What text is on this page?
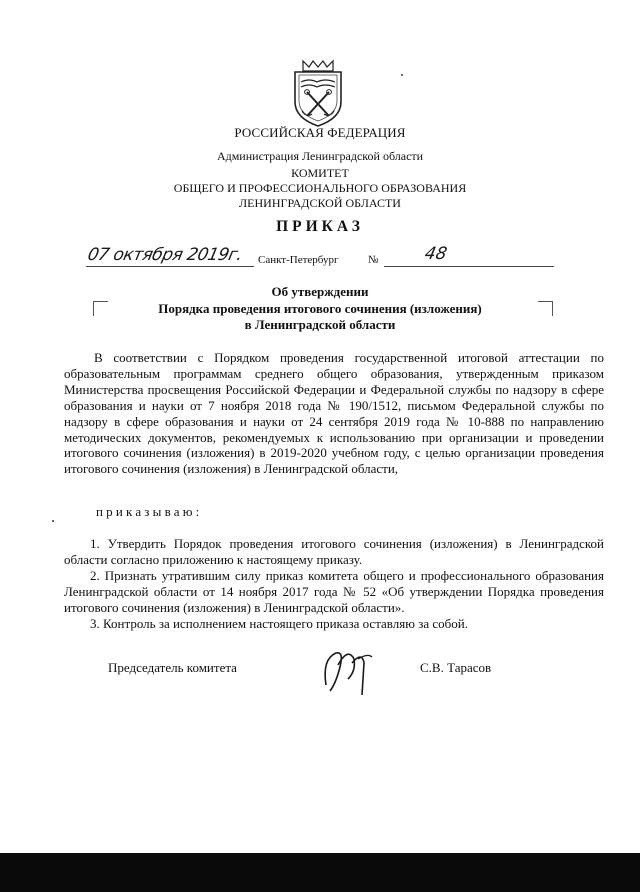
РОССИЙСКАЯ ФЕДЕРАЦИЯ
Администрация Ленинградской области
КОМИТЕТ
ОБЩЕГО И ПРОФЕССИОНАЛЬНОГО ОБРАЗОВАНИЯ
ЛЕНИНГРАДСКОЙ ОБЛАСТИ
ПРИКАЗ
07 октября 2019г. Санкт-Петербург	№	48
Об утверждении
Порядка проведения итогового сочинения (изложения)
в Ленинградской области
В соответствии с Порядком проведения государственной итоговой аттестации по образовательным программам среднего общего образования, утвержденным приказом Министерства просвещения Российской Федерации и Федеральной службы по надзору в сфере образования и науки от 7 ноября 2018 года № 190/1512, письмом Федеральной службы по надзору в сфере образования и науки от 24 сентября 2019 года № 10-888 по направлению методических документов, рекомендуемых к использованию при организации и проведении итогового сочинения (изложения) в 2019-2020 учебном году, с целью организации проведения итогового сочинения (изложения) в Ленинградской области,
приказываю:

1. Утвердить Порядок проведения итогового сочинения (изложения) в Ленинградской области согласно приложению к настоящему приказу.

2. Признать утратившим силу приказ комитета общего и профессионального образования Ленинградской области от 14 ноября 2017 года № 52 «Об утверждении Порядка проведения итогового сочинения (изложения) в Ленинградской области».

3. Контроль за исполнением настоящего приказа оставляю за собой.

Председатель комитета	С.В. Тарасов
